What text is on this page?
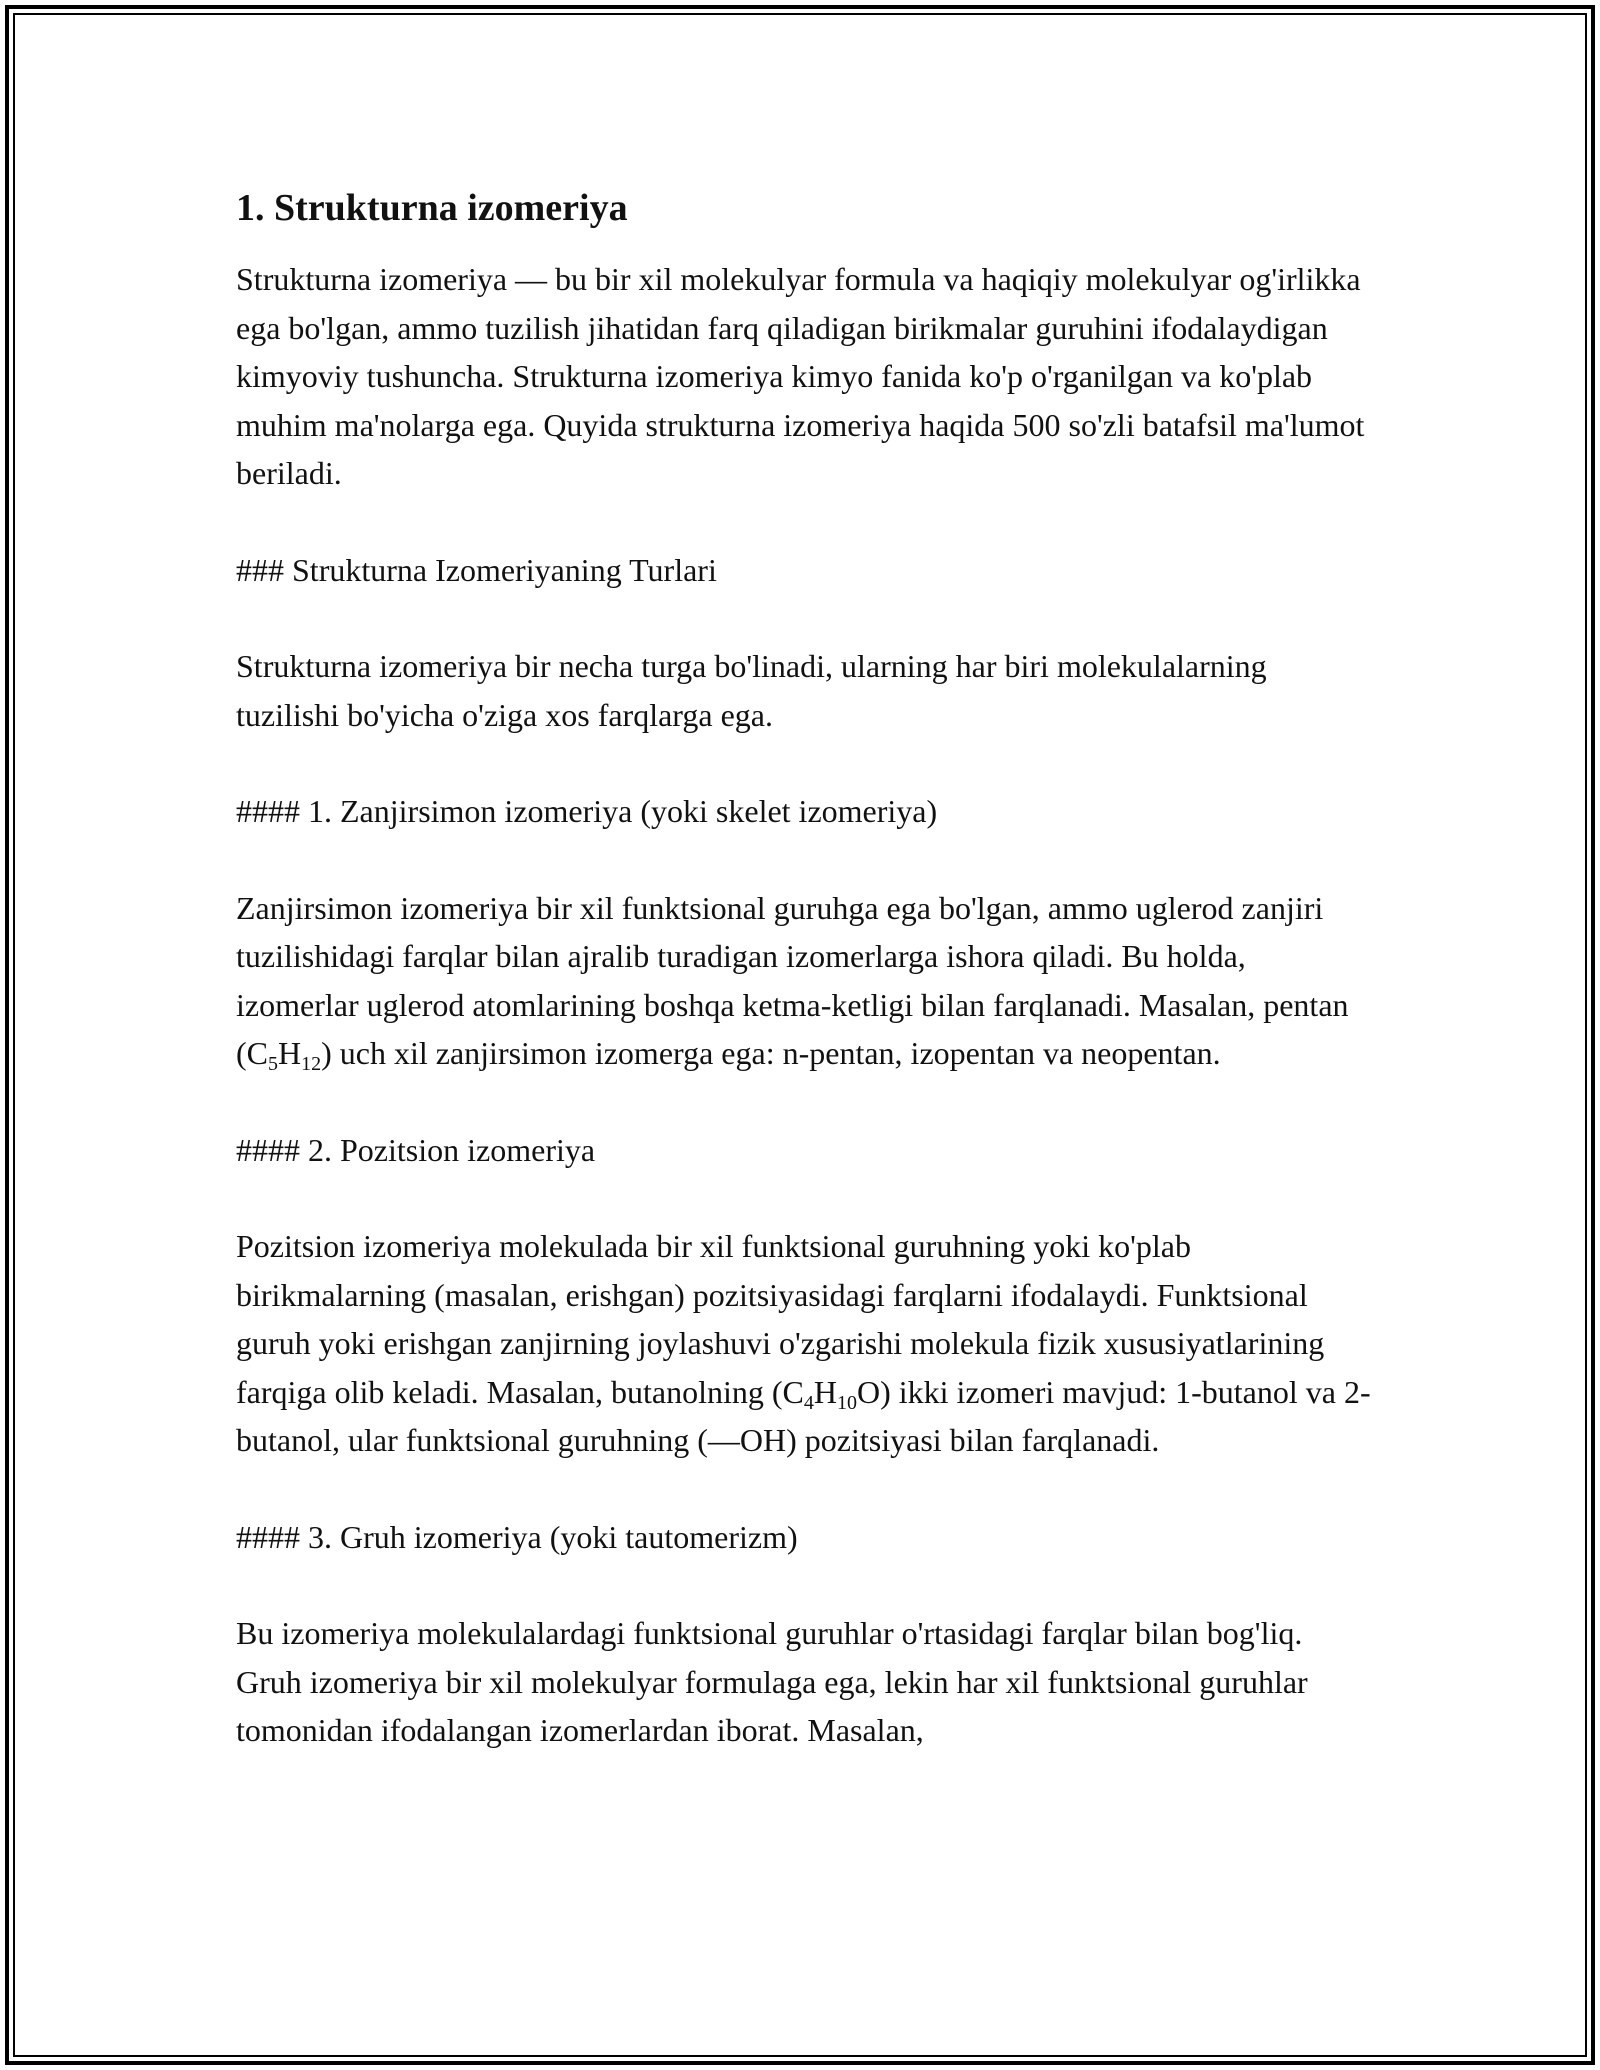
1. Strukturna izomeriya

Strukturna izomeriya — bu bir xil molekulyar formula va haqiqiy molekulyar og'irlikka ega bo'lgan, ammo tuzilish jihatidan farq qiladigan birikmalar guruhini ifodalaydigan kimyoviy tushuncha. Strukturna izomeriya kimyo fanida ko'p o'rganilgan va ko'plab muhim ma'nolarga ega. Quyida strukturna izomeriya haqida 500 so'zli batafsil ma'lumot beriladi.

### Strukturna Izomeriyaning Turlari

Strukturna izomeriya bir necha turga bo'linadi, ularning har biri molekulalarning tuzilishi bo'yicha o'ziga xos farqlarga ega.

#### 1. Zanjirsimon izomeriya (yoki skelet izomeriya)

Zanjirsimon izomeriya bir xil funktsional guruhga ega bo'lgan, ammo uglerod zanjiri tuzilishidagi farqlar bilan ajralib turadigan izomerlarga ishora qiladi. Bu holda, izomerlar uglerod atomlarining boshqa ketma-ketligi bilan farqlanadi. Masalan, pentan $(C_5H_{12})$ uch xil zanjirsimon izomerga ega: n-pentan, izopentan va neopentan.

#### 2. Pozitsion izomeriya

Pozitsion izomeriya molekulada bir xil funktsional guruhning yoki ko'plab birikmalarning (masalan, erishgan) pozitsiyasidagi farqlarni ifodalaydi. Funktsional guruh yoki erishgan zanjirning joylashuvi o'zgarishi molekula fizik xususiyatlarining farqiga olib keladi. Masalan, butanolning $(C_4H_{10}O)$ ikki izomeri mavjud: 1-butanol va 2-butanol, ular funktsional guruhning (—OH) pozitsiyasi bilan farqlanadi.

#### 3. Gruh izomeriya (yoki tautomerizm)

Bu izomeriya molekulalardagi funktsional guruhlar o'rtasidagi farqlar bilan bog'liq. Gruh izomeriya bir xil molekulyar formulaga ega, lekin har xil funktsional guruhlar tomonidan ifodalangan izomerlardan iborat. Masalan,
